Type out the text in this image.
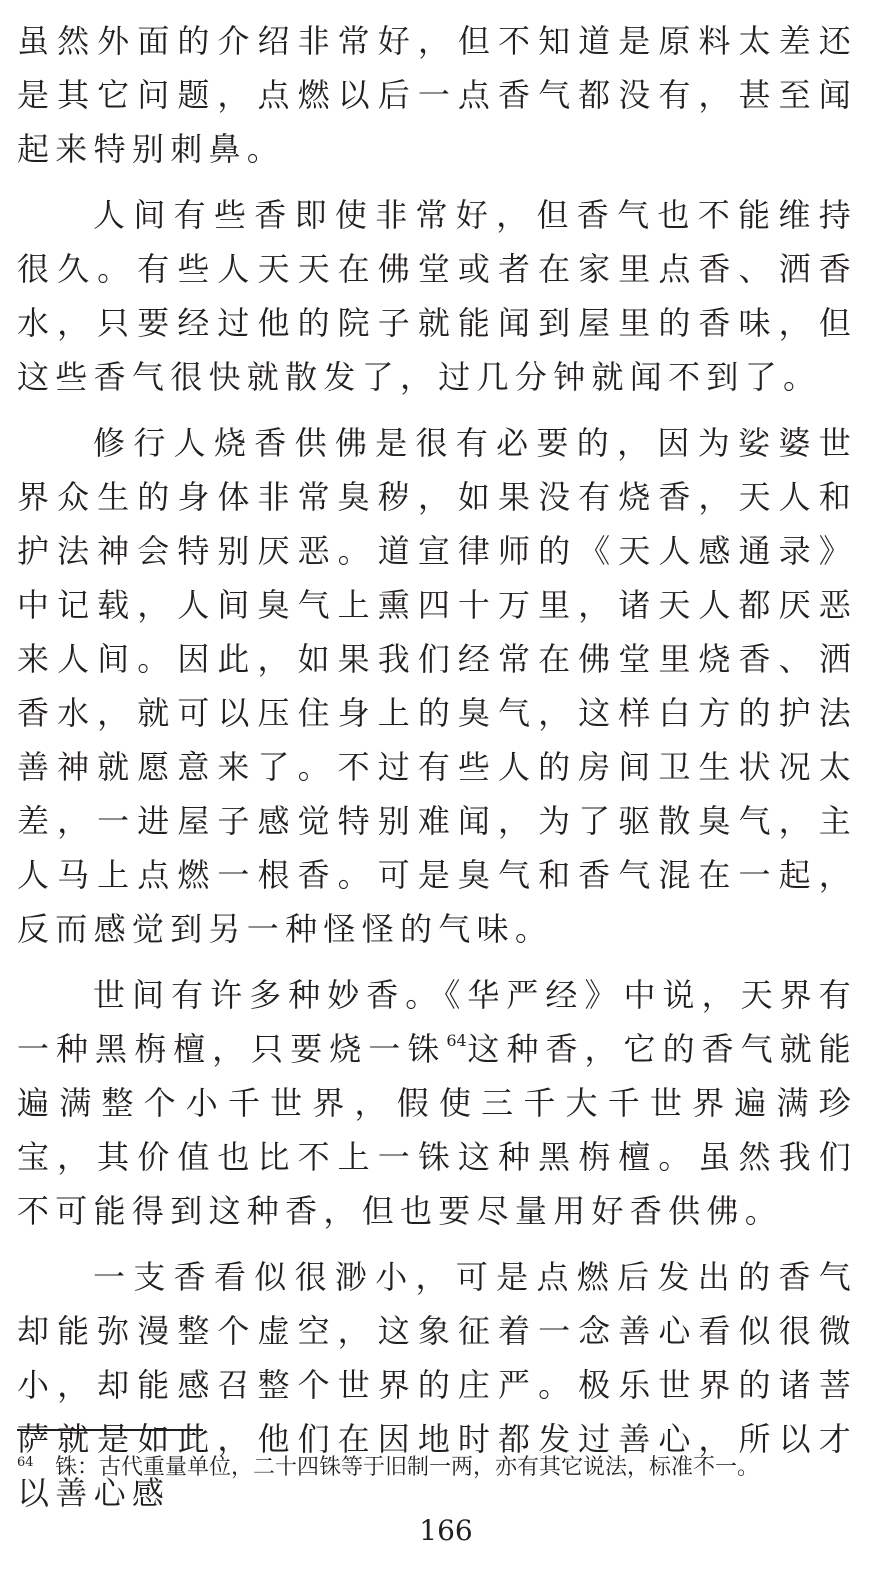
虽然外面的介绍非常好，但不知道是原料太差还是其它问题，点燃以后一点香气都没有，甚至闻起来特别刺鼻。

人间有些香即使非常好，但香气也不能维持很久。有些人天天在佛堂或者在家里点香、洒香水，只要经过他的院子就能闻到屋里的香味，但这些香气很快就散发了，过几分钟就闻不到了。

修行人烧香供佛是很有必要的，因为娑婆世界众生的身体非常臭秽，如果没有烧香，天人和护法神会特别厌恶。道宣律师的《天人感通录》中记载，人间臭气上熏四十万里，诸天人都厌恶来人间。因此，如果我们经常在佛堂里烧香、洒香水，就可以压住身上的臭气，这样白方的护法善神就愿意来了。不过有些人的房间卫生状况太差，一进屋子感觉特别难闻，为了驱散臭气，主人马上点燃一根香。可是臭气和香气混在一起，反而感觉到另一种怪怪的气味。

世间有许多种妙香。《华严经》中说，天界有一种黑栴檀，只要烧一铢$^{64}$这种香，它的香气就能遍满整个小千世界，假使三千大千世界遍满珍宝，其价值也比不上一铢这种黑栴檀。虽然我们不可能得到这种香，但也要尽量用好香供佛。

一支香看似很渺小，可是点燃后发出的香气却能弥漫整个虚空，这象征着一念善心看似很微小，却能感召整个世界的庄严。极乐世界的诸菩萨就是如此，他们在因地时都发过善心，所以才以善心感

64 铢：古代重量单位，二十四铢等于旧制一两，亦有其它说法，标准不一。
166
